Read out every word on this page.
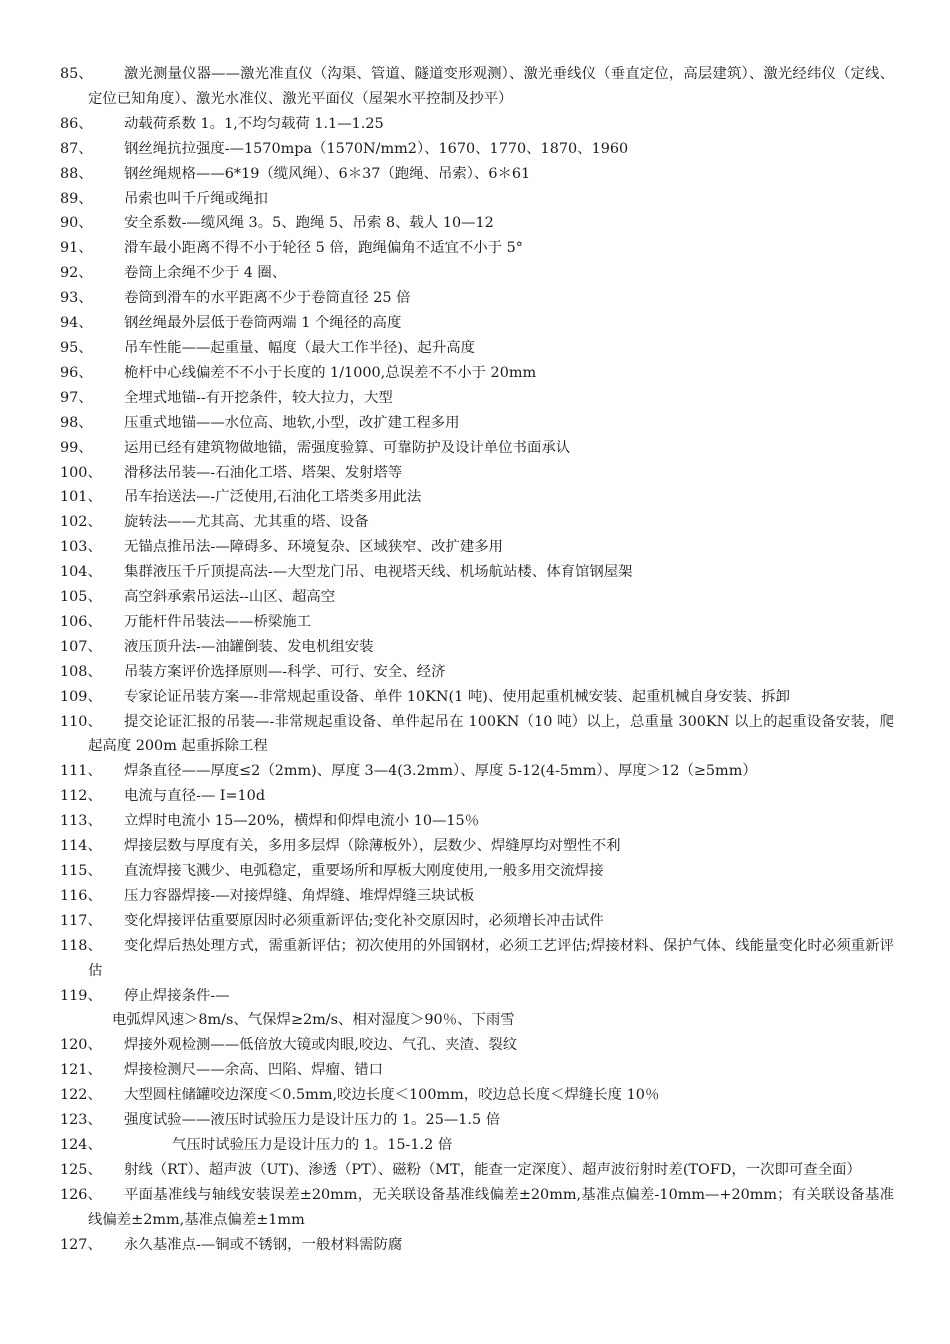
85、	激光测量仪器——激光准直仪（沟渠、管道、隧道变形观测）、激光垂线仪（垂直定位，高层建筑）、激光经纬仪（定线、定位已知角度）、激光水准仪、激光平面仪（屋架水平控制及抄平）
86、	动载荷系数 1。1,不均匀载荷 1.1—1.25
87、	钢丝绳抗拉强度-—1570mpa（1570N/mm2）、1670、1770、1870、1960
88、	钢丝绳规格——6*19（缆风绳）、6＊37（跑绳、吊索）、6＊61
89、	吊索也叫千斤绳或绳扣
90、	安全系数-—缆风绳 3。5、跑绳 5、吊索 8、载人 10—12
91、	滑车最小距离不得不小于轮径 5 倍，跑绳偏角不适宜不小于 5°
92、	卷筒上余绳不少于 4 圈、
93、	卷筒到滑车的水平距离不少于卷筒直径 25 倍
94、	钢丝绳最外层低于卷筒两端 1 个绳径的高度
95、	吊车性能——起重量、幅度（最大工作半径)、起升高度
96、	桅杆中心线偏差不不小于长度的 1/1000,总误差不不小于 20mm
97、	全埋式地锚--有开挖条件，较大拉力，大型
98、	压重式地锚——水位高、地软,小型，改扩建工程多用
99、	运用已经有建筑物做地锚，需强度验算、可靠防护及设计单位书面承认
100、	滑移法吊装—-石油化工塔、塔架、发射塔等
101、	吊车抬送法—-广泛使用,石油化工塔类多用此法
102、	旋转法——尤其高、尤其重的塔、设备
103、	无锚点推吊法-—障碍多、环境复杂、区域狭窄、改扩建多用
104、	集群液压千斤顶提高法-—大型龙门吊、电视塔天线、机场航站楼、体育馆钢屋架
105、	高空斜承索吊运法--山区、超高空
106、	万能杆件吊装法——桥梁施工
107、	液压顶升法-—油罐倒装、发电机组安装
108、	吊装方案评价选择原则—-科学、可行、安全、经济
109、	专家论证吊装方案—-非常规起重设备、单件 10KN(1 吨)、使用起重机械安装、起重机械自身安装、拆卸
110、	提交论证汇报的吊装—-非常规起重设备、单件起吊在 100KN（10 吨）以上，总重量 300KN 以上的起重设备安装，爬起高度 200m 起重拆除工程
111、	焊条直径——厚度≤2（2mm)、厚度 3—4(3.2mm）、厚度 5-12(4-5mm）、厚度＞12（≥5mm）
112、	电流与直径-— I=10d
113、	立焊时电流小 15—20%，横焊和仰焊电流小 10—15％
114、	焊接层数与厚度有关，多用多层焊（除薄板外），层数少、焊缝厚均对塑性不利
115、	直流焊接飞溅少、电弧稳定，重要场所和厚板大刚度使用,一般多用交流焊接
116、	压力容器焊接-—对接焊缝、角焊缝、堆焊焊缝三块试板
117、	变化焊接评估重要原因时必须重新评估;变化补交原因时，必须增长冲击试件
118、	变化焊后热处理方式，需重新评估；初次使用的外国钢材，必须工艺评估;焊接材料、保护气体、线能量变化时必须重新评估
119、	停止焊接条件-—
电弧焊风速＞8m/s、气保焊≥2m/s、相对湿度＞90％、下雨雪
120、	焊接外观检测——低倍放大镜或肉眼,咬边、气孔、夹渣、裂纹
121、	焊接检测尺——余高、凹陷、焊瘤、错口
122、	大型圆柱储罐咬边深度＜0.5mm,咬边长度＜100mm，咬边总长度＜焊缝长度 10％
123、	强度试验——液压时试验压力是设计压力的 1。25—1.5 倍
124、	气压时试验压力是设计压力的 1。15-1.2 倍
125、	射线（RT）、超声波（UT)、渗透（PT）、磁粉（MT，能查一定深度）、超声波衍射时差(TOFD，一次即可查全面）
126、	平面基准线与轴线安装误差±20mm，无关联设备基准线偏差±20mm,基准点偏差-10mm—+20mm；有关联设备基准线偏差±2mm,基准点偏差±1mm
127、	永久基准点-—铜或不锈钢，一般材料需防腐
